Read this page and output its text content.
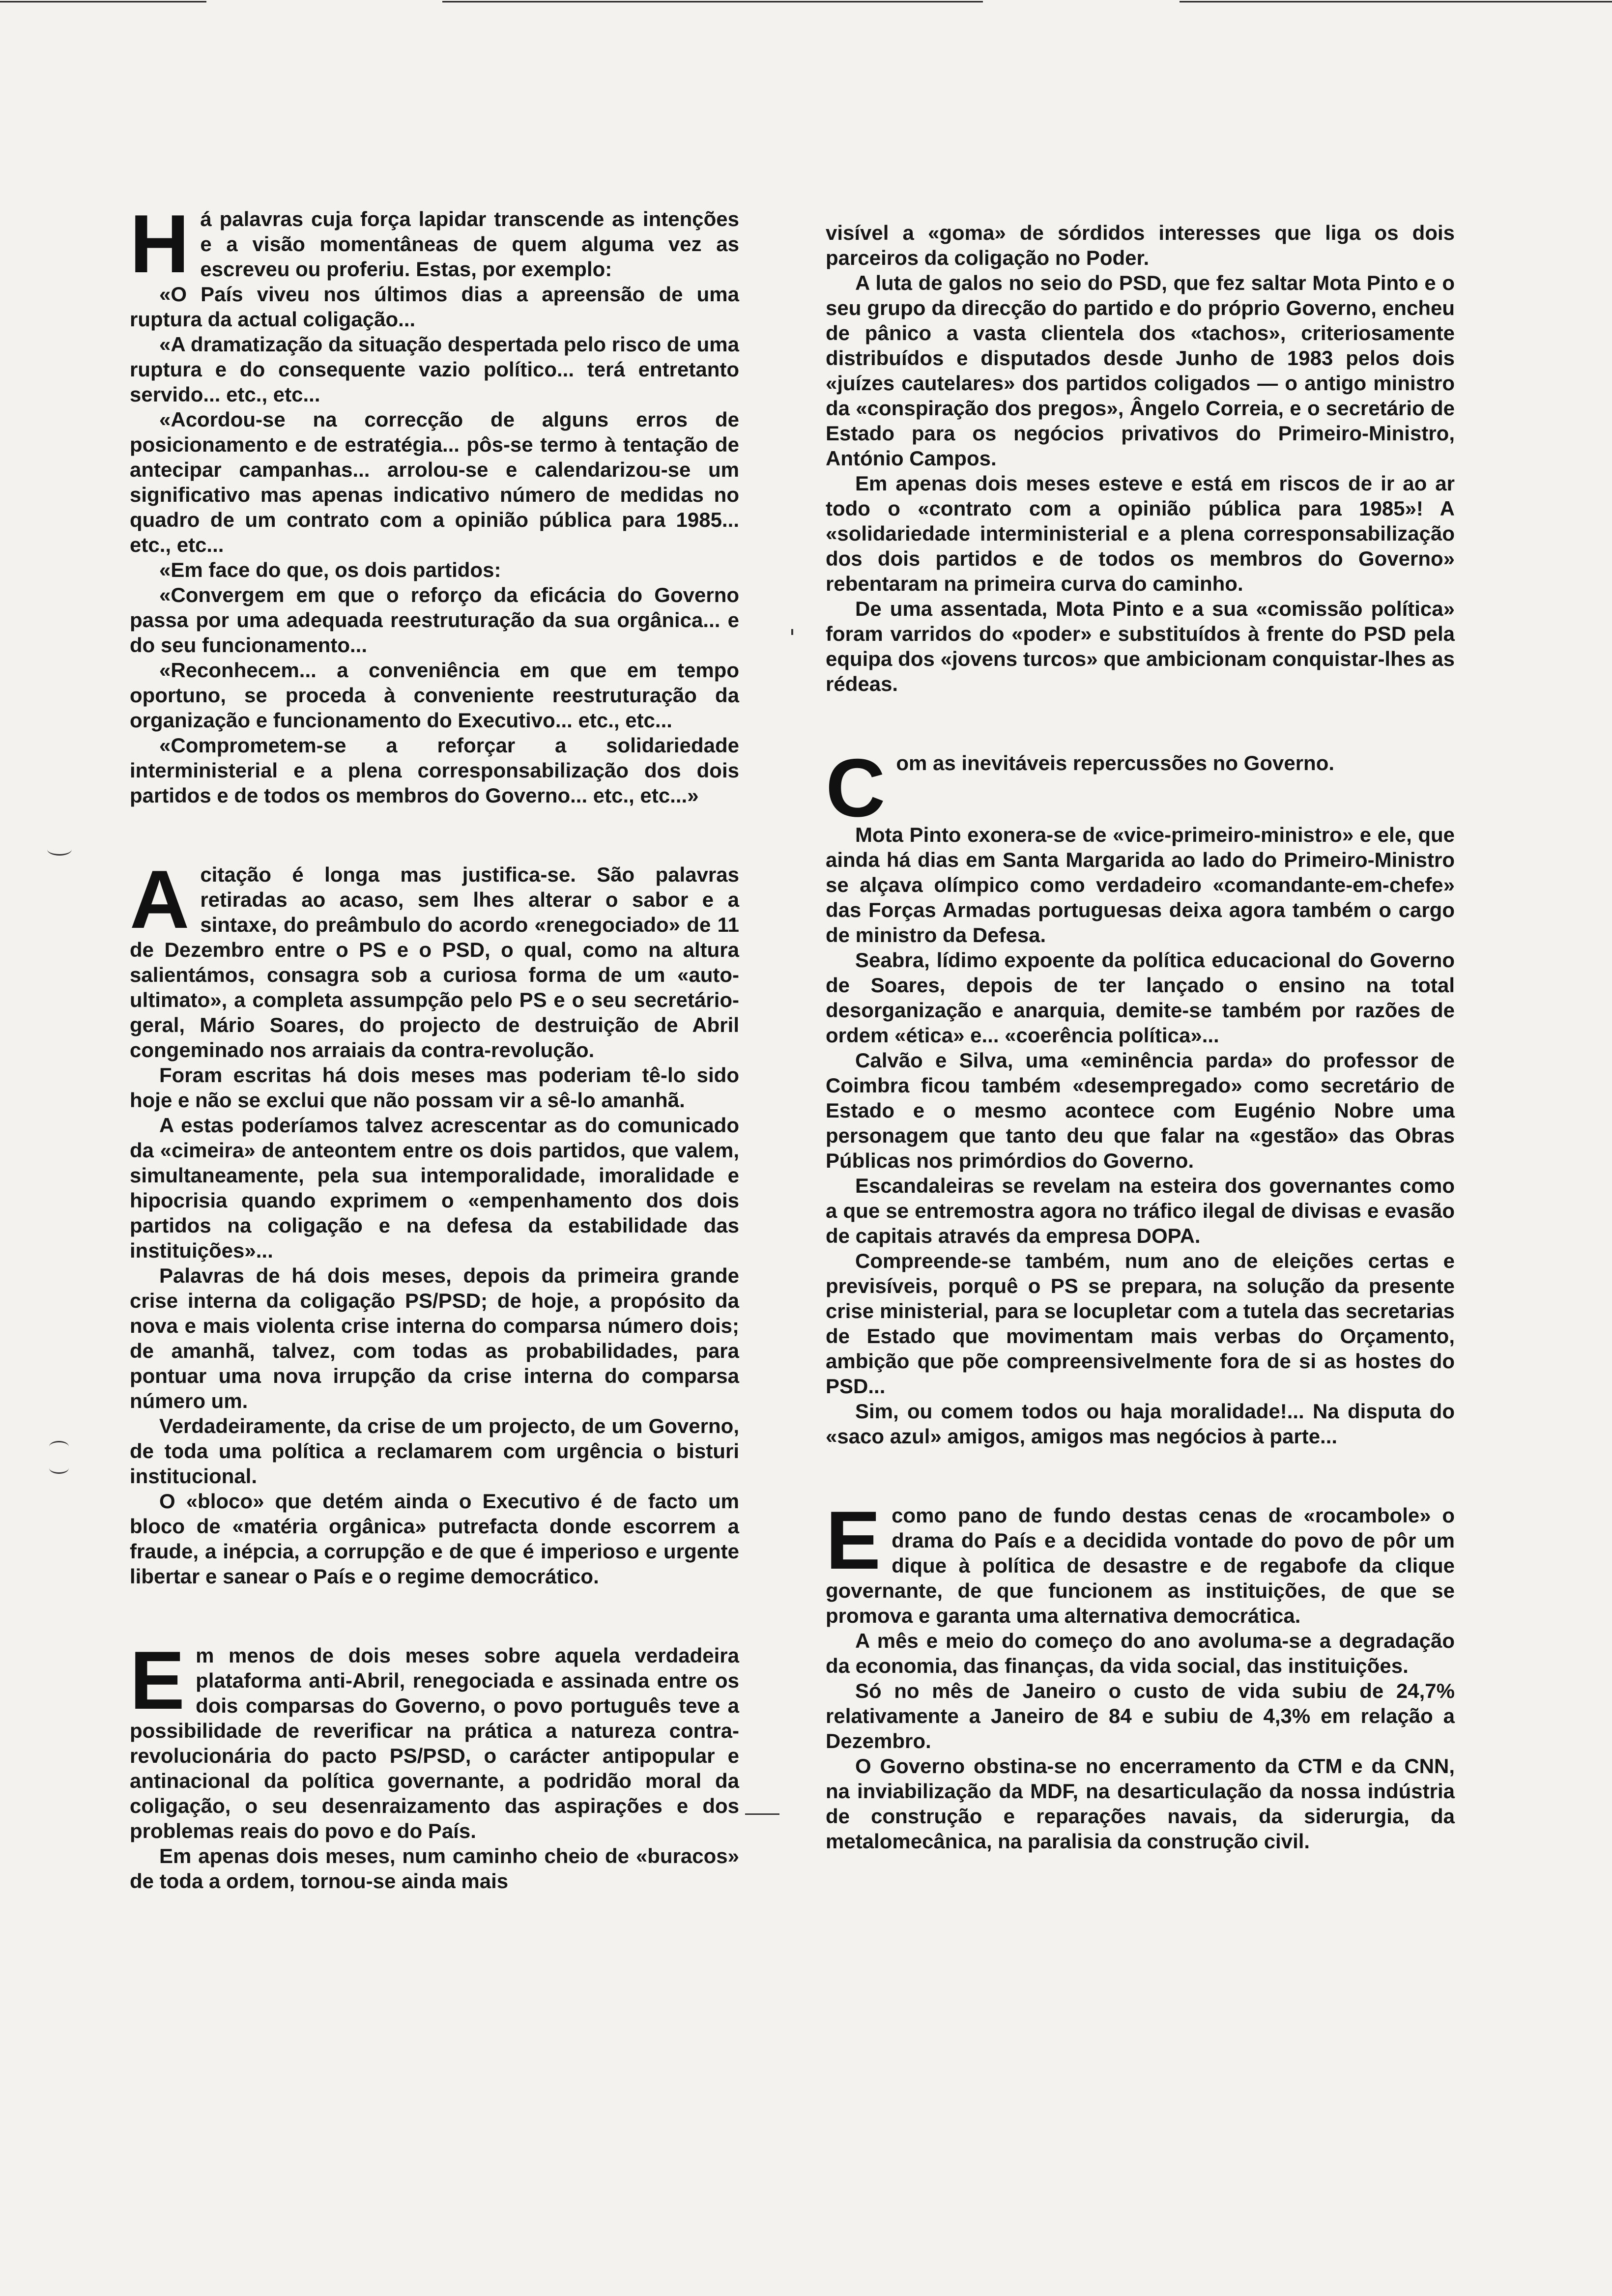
Há palavras cuja força lapidar transcende as intenções e a visão momentâneas de quem alguma vez as escreveu ou proferiu. Estas, por exemplo:

«O País viveu nos últimos dias a apreensão de uma ruptura da actual coligação...

«A dramatização da situação despertada pelo risco de uma ruptura e do consequente vazio político... terá entretanto servido... etc., etc...

«Acordou-se na correcção de alguns erros de posicionamento e de estratégia... pôs-se termo à tentação de antecipar campanhas... arrolou-se e calendarizou-se um significativo mas apenas indicativo número de medidas no quadro de um contrato com a opinião pública para 1985... etc., etc...

«Em face do que, os dois partidos:

«Convergem em que o reforço da eficácia do Governo passa por uma adequada reestruturação da sua orgânica... e do seu funcionamento...

«Reconhecem... a conveniência em que em tempo oportuno, se proceda à conveniente reestruturação da organização e funcionamento do Executivo... etc., etc...

«Comprometem-se a reforçar a solidariedade interministerial e a plena corresponsabilização dos dois partidos e de todos os membros do Governo... etc., etc...»

Acitação é longa mas justifica-se. São palavras retiradas ao acaso, sem lhes alterar o sabor e a sintaxe, do preâmbulo do acordo «renegociado» de 11 de Dezembro entre o PS e o PSD, o qual, como na altura salientámos, consagra sob a curiosa forma de um «auto-ultimato», a completa assumpção pelo PS e o seu secretário-geral, Mário Soares, do projecto de destruição de Abril congeminado nos arraiais da contra-revolução.

Foram escritas há dois meses mas poderiam tê-lo sido hoje e não se exclui que não possam vir a sê-lo amanhã.

A estas poderíamos talvez acrescentar as do comunicado da «cimeira» de anteontem entre os dois partidos, que valem, simultaneamente, pela sua intemporalidade, imoralidade e hipocrisia quando exprimem o «empenhamento dos dois partidos na coligação e na defesa da estabilidade das instituições»...

Palavras de há dois meses, depois da primeira grande crise interna da coligação PS/PSD; de hoje, a propósito da nova e mais violenta crise interna do comparsa número dois; de amanhã, talvez, com todas as probabilidades, para pontuar uma nova irrupção da crise interna do comparsa número um.

Verdadeiramente, da crise de um projecto, de um Governo, de toda uma política a reclamarem com urgência o bisturi institucional.

O «bloco» que detém ainda o Executivo é de facto um bloco de «matéria orgânica» putrefacta donde escorrem a fraude, a inépcia, a corrupção e de que é imperioso e urgente libertar e sanear o País e o regime democrático.

Em menos de dois meses sobre aquela verdadeira plataforma anti-Abril, renegociada e assinada entre os dois comparsas do Governo, o povo português teve a possibilidade de reverificar na prática a natureza contra-revolucionária do pacto PS/PSD, o carácter antipopular e antinacional da política governante, a podridão moral da coligação, o seu desenraizamento das aspirações e dos problemas reais do povo e do País.

Em apenas dois meses, num caminho cheio de «buracos» de toda a ordem, tornou-se ainda mais

visível a «goma» de sórdidos interesses que liga os dois parceiros da coligação no Poder.

A luta de galos no seio do PSD, que fez saltar Mota Pinto e o seu grupo da direcção do partido e do próprio Governo, encheu de pânico a vasta clientela dos «tachos», criteriosamente distribuídos e disputados desde Junho de 1983 pelos dois «juízes cautelares» dos partidos coligados — o antigo ministro da «conspiração dos pregos», Ângelo Correia, e o secretário de Estado para os negócios privativos do Primeiro-Ministro, António Campos.

Em apenas dois meses esteve e está em riscos de ir ao ar todo o «contrato com a opinião pública para 1985»! A «solidariedade interministerial e a plena corresponsabilização dos dois partidos e de todos os membros do Governo» rebentaram na primeira curva do caminho.

De uma assentada, Mota Pinto e a sua «comissão política» foram varridos do «poder» e substituídos à frente do PSD pela equipa dos «jovens turcos» que ambicionam conquistar-lhes as rédeas.

Com as inevitáveis repercussões no Governo.

Mota Pinto exonera-se de «vice-primeiro-ministro» e ele, que ainda há dias em Santa Margarida ao lado do Primeiro-Ministro se alçava olímpico como verdadeiro «comandante-em-chefe» das Forças Armadas portuguesas deixa agora também o cargo de ministro da Defesa.

Seabra, lídimo expoente da política educacional do Governo de Soares, depois de ter lançado o ensino na total desorganização e anarquia, demite-se também por razões de ordem «ética» e... «coerência política»...

Calvão e Silva, uma «eminência parda» do professor de Coimbra ficou também «desempregado» como secretário de Estado e o mesmo acontece com Eugénio Nobre uma personagem que tanto deu que falar na «gestão» das Obras Públicas nos primórdios do Governo.

Escandaleiras se revelam na esteira dos governantes como a que se entremostra agora no tráfico ilegal de divisas e evasão de capitais através da empresa DOPA.

Compreende-se também, num ano de eleições certas e previsíveis, porquê o PS se prepara, na solução da presente crise ministerial, para se locupletar com a tutela das secretarias de Estado que movimentam mais verbas do Orçamento, ambição que põe compreensivelmente fora de si as hostes do PSD...

Sim, ou comem todos ou haja moralidade!... Na disputa do «saco azul» amigos, amigos mas negócios à parte...

Ecomo pano de fundo destas cenas de «rocambole» o drama do País e a decidida vontade do povo de pôr um dique à política de desastre e de regabofe da clique governante, de que funcionem as instituições, de que se promova e garanta uma alternativa democrática.

A mês e meio do começo do ano avoluma-se a degradação da economia, das finanças, da vida social, das instituições.

Só no mês de Janeiro o custo de vida subiu de 24,7% relativamente a Janeiro de 84 e subiu de 4,3% em relação a Dezembro.

O Governo obstina-se no encerramento da CTM e da CNN, na inviabilização da MDF, na desarticulação da nossa indústria de construção e reparações navais, da siderurgia, da metalomecânica, na paralisia da construção civil.
